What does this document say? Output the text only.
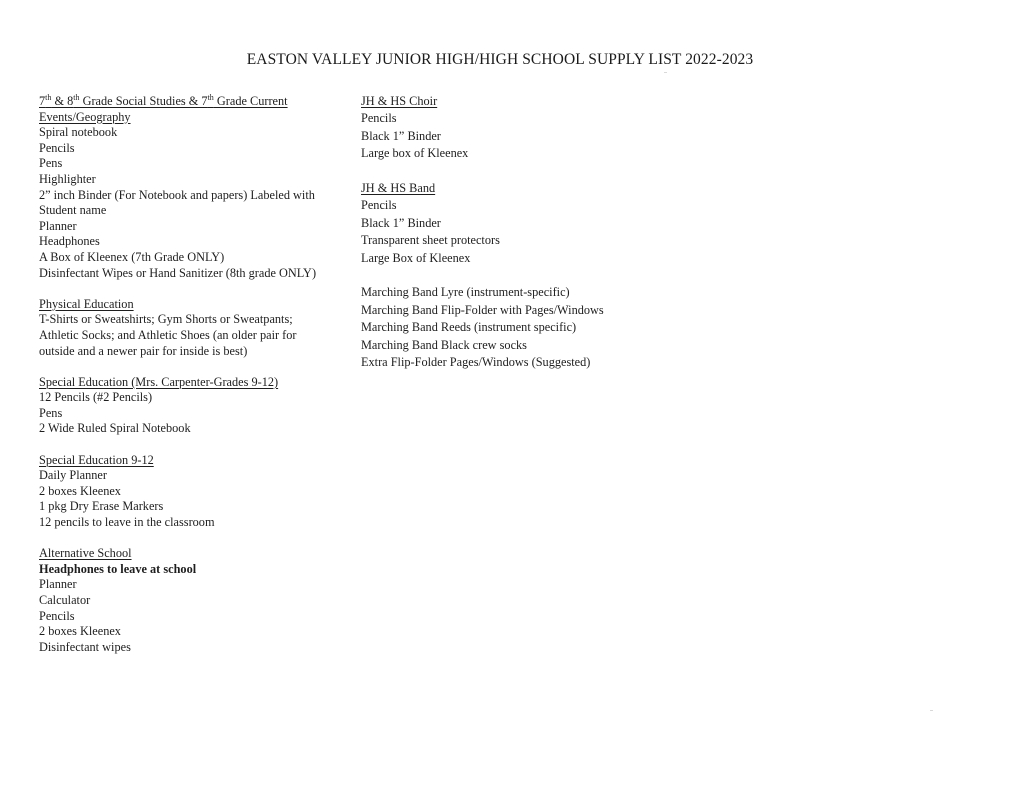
EASTON VALLEY JUNIOR HIGH/HIGH SCHOOL SUPPLY LIST 2022-2023
7th & 8th Grade Social Studies & 7th Grade Current Events/Geography
Spiral notebook
Pencils
Pens
Highlighter
2” inch Binder (For Notebook and papers) Labeled with Student name
Planner
Headphones
A Box of Kleenex (7th Grade ONLY)
Disinfectant Wipes or Hand Sanitizer (8th grade ONLY)
Physical Education
T-Shirts or Sweatshirts; Gym Shorts or Sweatpants; Athletic Socks; and Athletic Shoes (an older pair for outside and a newer pair for inside is best)
Special Education (Mrs. Carpenter-Grades 9-12)
12 Pencils (#2 Pencils)
Pens
2 Wide Ruled Spiral Notebook
Special Education 9-12
Daily Planner
2 boxes Kleenex
1 pkg Dry Erase Markers
12 pencils to leave in the classroom
Alternative School
Headphones to leave at school
Planner
Calculator
Pencils
2 boxes Kleenex
Disinfectant wipes
JH & HS Choir
Pencils
Black 1” Binder
Large box of Kleenex
JH & HS Band
Pencils
Black 1” Binder
Transparent sheet protectors
Large Box of Kleenex
Marching Band Lyre (instrument-specific)
Marching Band Flip-Folder with Pages/Windows
Marching Band Reeds (instrument specific)
Marching Band Black crew socks
Extra Flip-Folder Pages/Windows (Suggested)
